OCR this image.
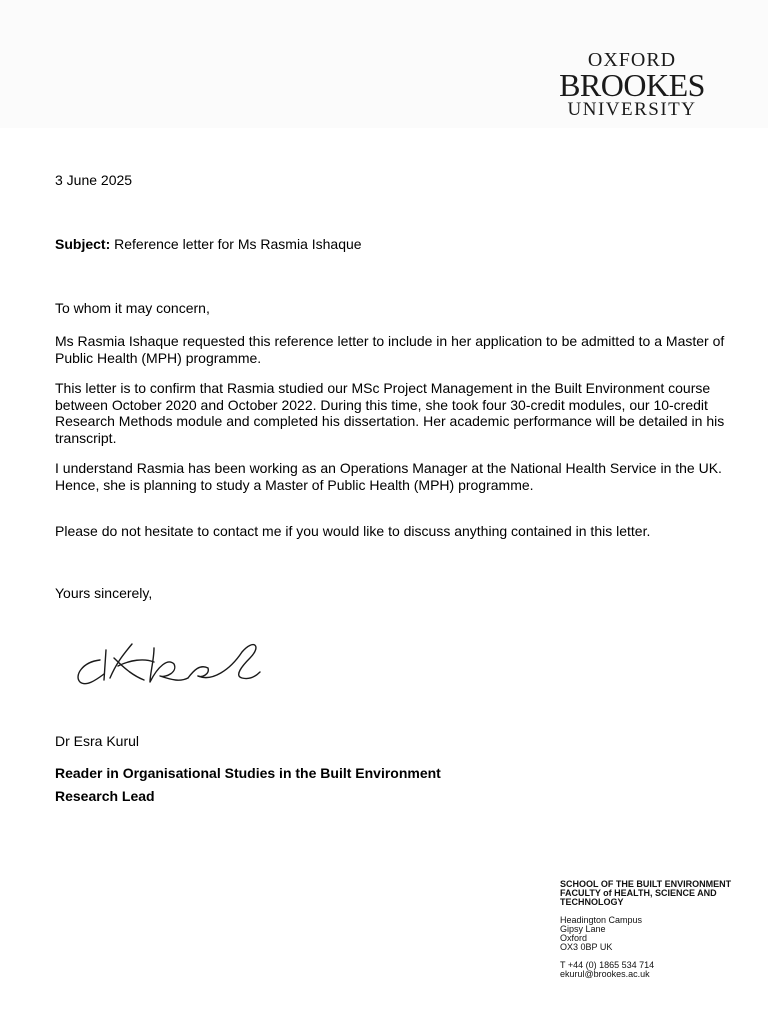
OXFORD
BROOKES
UNIVERSITY
3 June 2025
Subject: Reference letter for Ms Rasmia Ishaque
To whom it may concern,
Ms Rasmia Ishaque requested this reference letter to include in her application to be admitted to a Master of Public Health (MPH) programme.
This letter is to confirm that Rasmia studied our MSc Project Management in the Built Environment course between October 2020 and October 2022. During this time, she took four 30-credit modules, our 10-credit Research Methods module and completed his dissertation. Her academic performance will be detailed in his transcript.
I understand Rasmia has been working as an Operations Manager at the National Health Service in the UK. Hence, she is planning to study a Master of Public Health (MPH) programme.
Please do not hesitate to contact me if you would like to discuss anything contained in this letter.
Yours sincerely,
Dr Esra Kurul
Reader in Organisational Studies in the Built Environment
Research Lead
SCHOOL OF THE BUILT ENVIRONMENT
FACULTY of HEALTH, SCIENCE AND TECHNOLOGY
Headington Campus
Gipsy Lane
Oxford
OX3 0BP UK
T +44 (0) 1865 534 714
ekurul@brookes.ac.uk
